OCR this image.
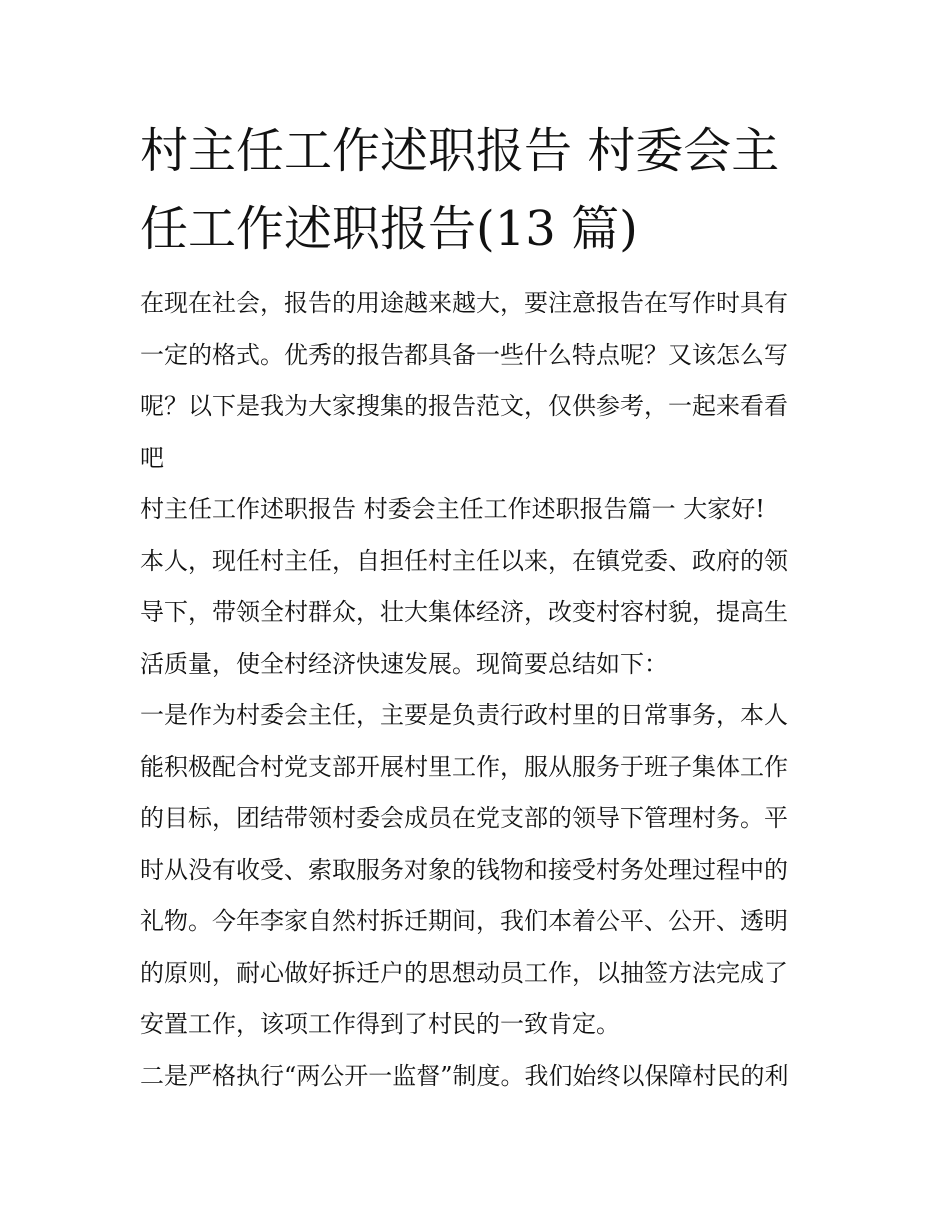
村主任工作述职报告 村委会主
任工作述职报告(13 篇)

在现在社会，报告的用途越来越大，要注意报告在写作时具有
一定的格式。优秀的报告都具备一些什么特点呢？又该怎么写
呢？以下是我为大家搜集的报告范文，仅供参考，一起来看看
吧

村主任工作述职报告 村委会主任工作述职报告篇一 大家好!

本人，现任村主任，自担任村主任以来，在镇党委、政府的领
导下，带领全村群众，壮大集体经济，改变村容村貌，提高生
活质量，使全村经济快速发展。现简要总结如下：

一是作为村委会主任，主要是负责行政村里的日常事务，本人
能积极配合村党支部开展村里工作，服从服务于班子集体工作
的目标，团结带领村委会成员在党支部的领导下管理村务。平
时从没有收受、索取服务对象的钱物和接受村务处理过程中的
礼物。今年李家自然村拆迁期间，我们本着公平、公开、透明
的原则，耐心做好拆迁户的思想动员工作，以抽签方法完成了
安置工作，该项工作得到了村民的一致肯定。

二是严格执行“两公开一监督”制度。我们始终以保障村民的利
